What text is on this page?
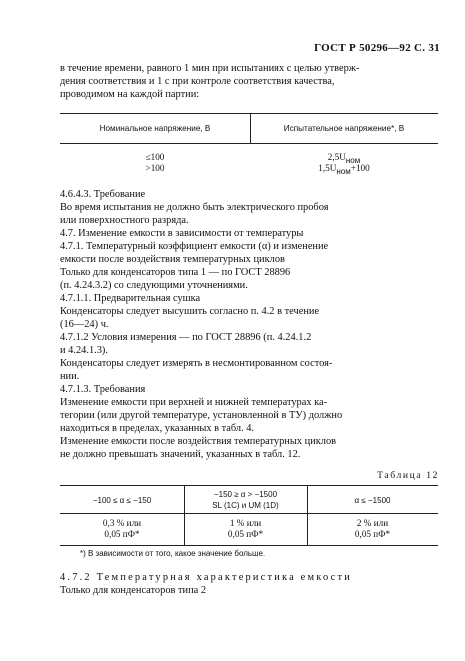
ГОСТ Р 50296—92 С. 31
в течение времени, равного 1 мин при испытаниях с целью утверж-
дения соответствия и 1 с при контроле соответствия качества,
проводимом на каждой партии:
Номинальное напряжение, В	Испытательное напряжение*, В
≤100
>100
$2,5U_{ном}$
$1,5U_{ном}+100$
4.6.4.3. Требование
Во время испытания не должно быть электрического пробоя
или поверхностного разряда.
4.7. Изменение емкости в зависимости от температуры
4.7.1. Температурный коэффициент емкости (α) и изменение
емкости после воздействия температурных циклов
Только для конденсаторов типа 1 — по ГОСТ 28896
(п. 4.24.3.2) со следующими уточнениями.
4.7.1.1. Предварительная сушка
Конденсаторы следует высушить согласно п. 4.2 в течение
(16—24) ч.
4.7.1.2 Условия измерения — по ГОСТ 28896 (п. 4.24.1.2
и 4.24.1.3).
Конденсаторы следует измерять в несмонтированном состоя-
нии.
4.7.1.3. Требования
Изменение емкости при верхней и нижней температурах ка-
тегории (или другой температуре, установленной в ТУ) должно
находиться в пределах, указанных в табл. 4.
Изменение емкости после воздействия температурных циклов
не должно превышать значений, указанных в табл. 12.
Таблица 12
−100 ≤ α ≤ −150
−150 ≥ α > −1500
SL (1C) и UM (1D)
α ≤ −1500
0,3 % или
0,05 пФ*
1 % или
0,05 пФ*
2 % или
0,05 пФ*
*) В зависимости от того, какое значение больше.
4.7.2 Температурная характеристика емкости
Только для конденсаторов типа 2
